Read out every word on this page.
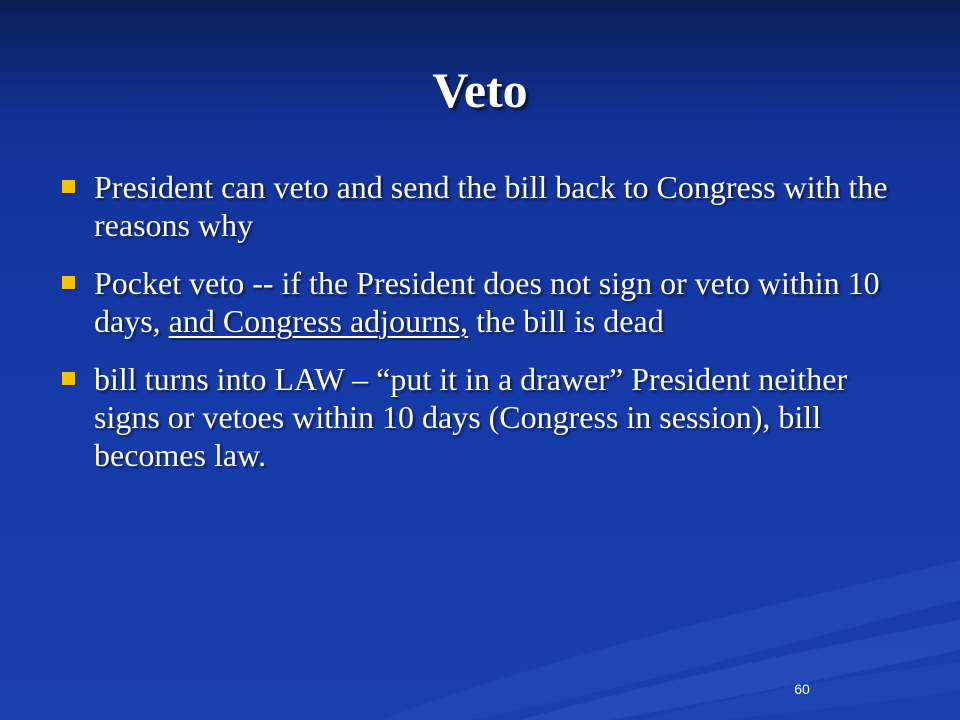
Veto
President can veto and send the bill back to Congress with the reasons why
Pocket veto -- if the President does not sign or veto within 10 days, and Congress adjourns, the bill is dead
bill turns into LAW – “put it in a drawer” President neither signs or vetoes within 10 days (Congress in session), bill becomes law.
60
